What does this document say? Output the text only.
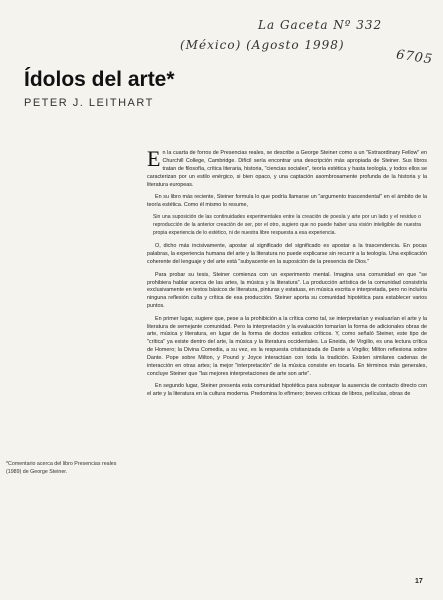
La Gaceta Nº 332
(México) (Agosto 1998)
6705
Ídolos del arte*
PETER J. LEITHART
*Comentario acerca del libro Presencias reales (1989) de George Steiner.

En la cuarta de forros de Presencias reales, se describe a George Steiner como a un "Extraordinary Fellow" en Churchill College, Cambridge. Difícil sería encontrar una descripción más apropiada de Steiner. Sus libros tratan de filosofía, crítica literaria, historia, "ciencias sociales", teoría estética y hasta teología, y todos ellos se caracterizan por un estilo enérgico, si bien opaco, y una captación asombrosamente profunda de la historia y la literatura europeas.

En su libro más reciente, Steiner formula lo que podría llamarse un "argumento trascendental" en el ámbito de la teoría estética. Como él mismo lo resume,

Sin una suposición de las continuidades experimentales entre la creación de poesía y arte por un lado y el residuo o reproducción de la anterior creación de ser, por el otro, sugiero que no puede haber una visión inteligible de nuestra propia experiencia de lo estético, ni de nuestra libre respuesta a esa experiencia.

O, dicho más incisivamente, apostar al significado del significado es apostar a la trascendencia. En pocas palabras, la experiencia humana del arte y la literatura no puede explicarse sin recurrir a la teología. Una explicación coherente del lenguaje y del arte está "subyacente en la suposición de la presencia de Dios."

Para probar su tesis, Steiner comienza con un experimento mental. Imagina una comunidad en que "se prohibiera hablar acerca de las artes, la música y la literatura". La producción artística de la comunidad consistiría exclusivamente en textos básicos de literatura, pinturas y estatuas, en música escrita e interpretada, pero no incluiría ninguna reflexión culta y crítica de esa producción. Steiner aporta su comunidad hipotética para establecer varios puntos.

En primer lugar, sugiere que, pese a la prohibición a la crítica como tal, se interpretarían y evaluarían el arte y la literatura de semejante comunidad. Pero la interpretación y la evaluación tomarían la forma de adicionales obras de arte, música y literatura, en lugar de la forma de doctos estudios críticos. Y, como señaló Steiner, este tipo de "crítica" ya existe dentro del arte, la música y la literatura occidentales. La Eneida, de Virgilio, es una lectura crítica de Homero; la Divina Comedia, a su vez, es la respuesta cristianizada de Dante a Virgilio; Milton reflexiona sobre Dante. Pope sobre Milton, y Pound y Joyce interactúan con toda la tradición. Existen similares cadenas de interacción en otras artes; la mejor "interpretación" de la música consiste en tocarla. En términos más generales, concluye Steiner que "las mejores interpretaciones de arte son arte".

En segundo lugar, Steiner presenta esta comunidad hipotética para subrayar la ausencia de contacto directo con el arte y la literatura en la cultura moderna. Predomina lo efímero; breves críticas de libros, películas, obras de

17
